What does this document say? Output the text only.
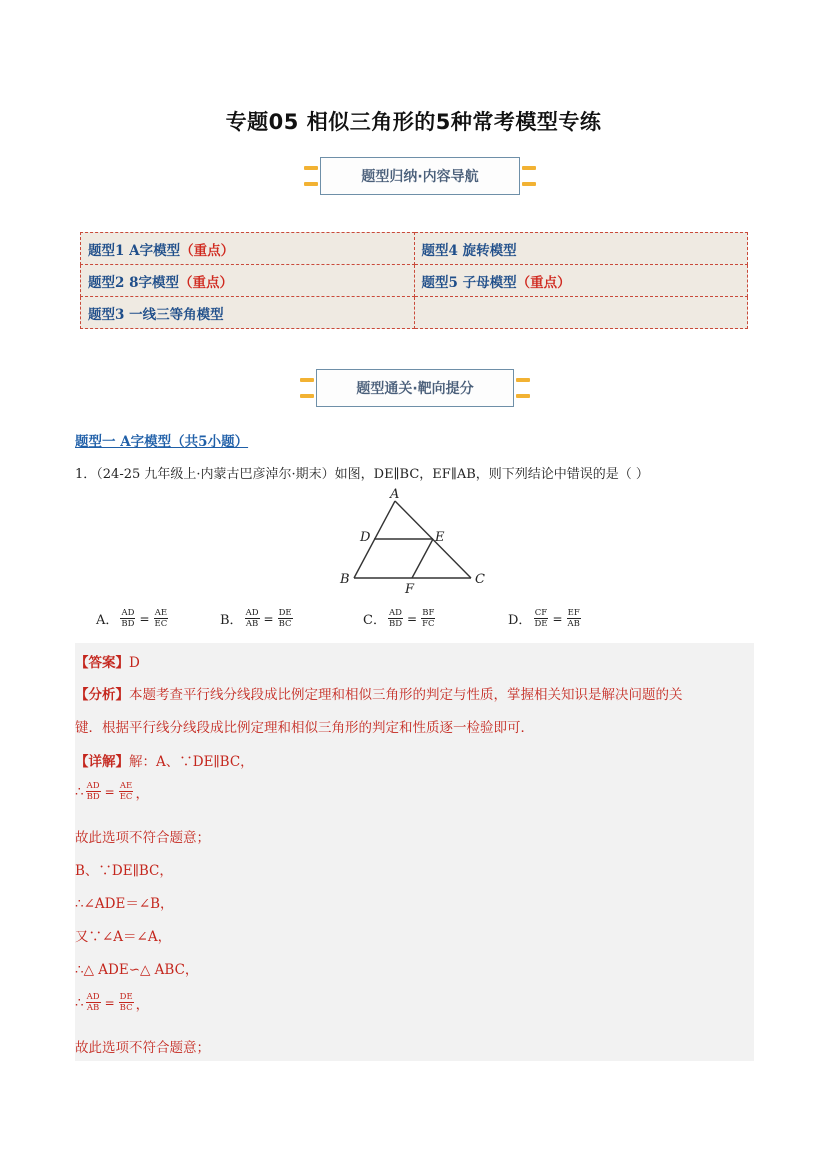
专题05 相似三角形的5种常考模型专练
题型归纳·内容导航
题型1 A字模型（重点）	题型4 旋转模型
题型2 8字模型（重点）	题型5 子母模型（重点）
题型3 一线三等角模型	
题型通关·靶向提分
题型一 A字模型（共5小题）
1．（24-25 九年级上·内蒙古巴彦淖尔·期末）如图，DE∥BC，EF∥AB，则下列结论中错误的是（ ）
A
D	E
B	C
F
A． $\frac{AD}{BD} = \frac{AE}{EC}$	B． $\frac{AD}{AB} = \frac{DE}{BC}$	C． $\frac{AD}{BD} = \frac{BF}{FC}$	D． $\frac{CF}{DE} = \frac{EF}{AB}$
【答案】D
【分析】本题考查平行线分线段成比例定理和相似三角形的判定与性质，掌握相关知识是解决问题的关
键．根据平行线分线段成比例定理和相似三角形的判定和性质逐一检验即可．
【详解】解：A、∵DE∥BC，
∴ $\frac{AD}{BD} = \frac{AE}{EC}$ ，
故此选项不符合题意；
B、∵DE∥BC，
∴∠ADE＝∠B，
又∵∠A＝∠A，
∴△ ADE∽△ ABC，
∴ $\frac{AD}{AB} = \frac{DE}{BC}$ ，
故此选项不符合题意；
